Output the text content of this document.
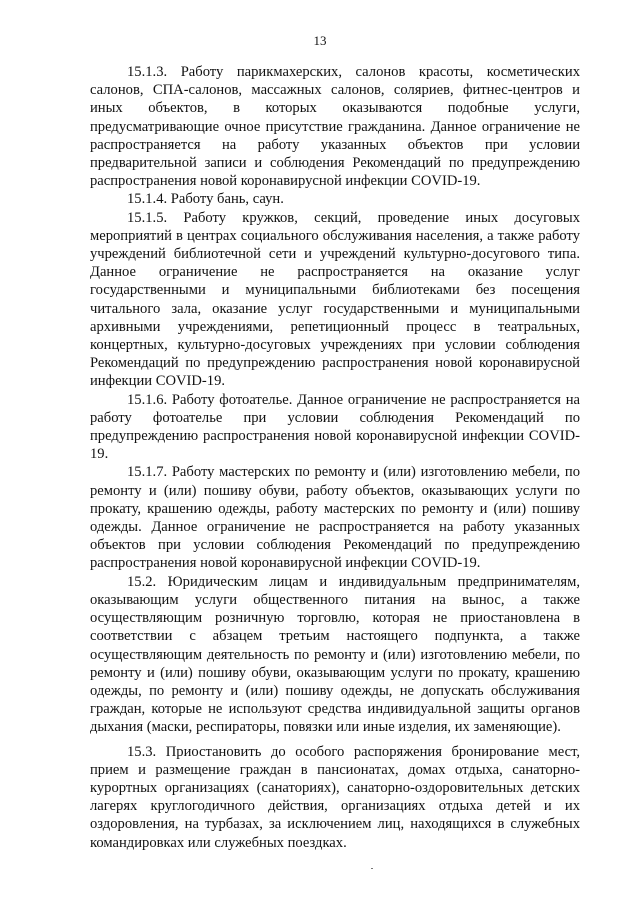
13

15.1.3. Работу парикмахерских, салонов красоты, косметических салонов, СПА-салонов, массажных салонов, соляриев, фитнес-центров и иных объектов, в которых оказываются подобные услуги, предусматривающие очное присутствие гражданина. Данное ограничение не распространяется на работу указанных объектов при условии предварительной записи и соблюдения Рекомендаций по предупреждению распространения новой коронавирусной инфекции COVID-19.

15.1.4. Работу бань, саун.

15.1.5. Работу кружков, секций, проведение иных досуговых мероприятий в центрах социального обслуживания населения, а также работу учреждений библиотечной сети и учреждений культурно-досугового типа. Данное ограничение не распространяется на оказание услуг государственными и муниципальными библиотеками без посещения читального зала, оказание услуг государственными и муниципальными архивными учреждениями, репетиционный процесс в театральных, концертных, культурно-досуговых учреждениях при условии соблюдения Рекомендаций по предупреждению распространения новой коронавирусной инфекции COVID-19.

15.1.6. Работу фотоателье. Данное ограничение не распространяется на работу фотоателье при условии соблюдения Рекомендаций по предупреждению распространения новой коронавирусной инфекции COVID-19.

15.1.7. Работу мастерских по ремонту и (или) изготовлению мебели, по ремонту и (или) пошиву обуви, работу объектов, оказывающих услуги по прокату, крашению одежды, работу мастерских по ремонту и (или) пошиву одежды. Данное ограничение не распространяется на работу указанных объектов при условии соблюдения Рекомендаций по предупреждению распространения новой коронавирусной инфекции COVID-19.

15.2. Юридическим лицам и индивидуальным предпринимателям, оказывающим услуги общественного питания на вынос, а также осуществляющим розничную торговлю, которая не приостановлена в соответствии с абзацем третьим настоящего подпункта, а также осуществляющим деятельность по ремонту и (или) изготовлению мебели, по ремонту и (или) пошиву обуви, оказывающим услуги по прокату, крашению одежды, по ремонту и (или) пошиву одежды, не допускать обслуживания граждан, которые не используют средства индивидуальной защиты органов дыхания (маски, респираторы, повязки или иные изделия, их заменяющие).

15.3. Приостановить до особого распоряжения бронирование мест, прием и размещение граждан в пансионатах, домах отдыха, санаторно-курортных организациях (санаториях), санаторно-оздоровительных детских лагерях круглогодичного действия, организациях отдыха детей и их оздоровления, на турбазах, за исключением лиц, находящихся в служебных командировках или служебных поездках.
